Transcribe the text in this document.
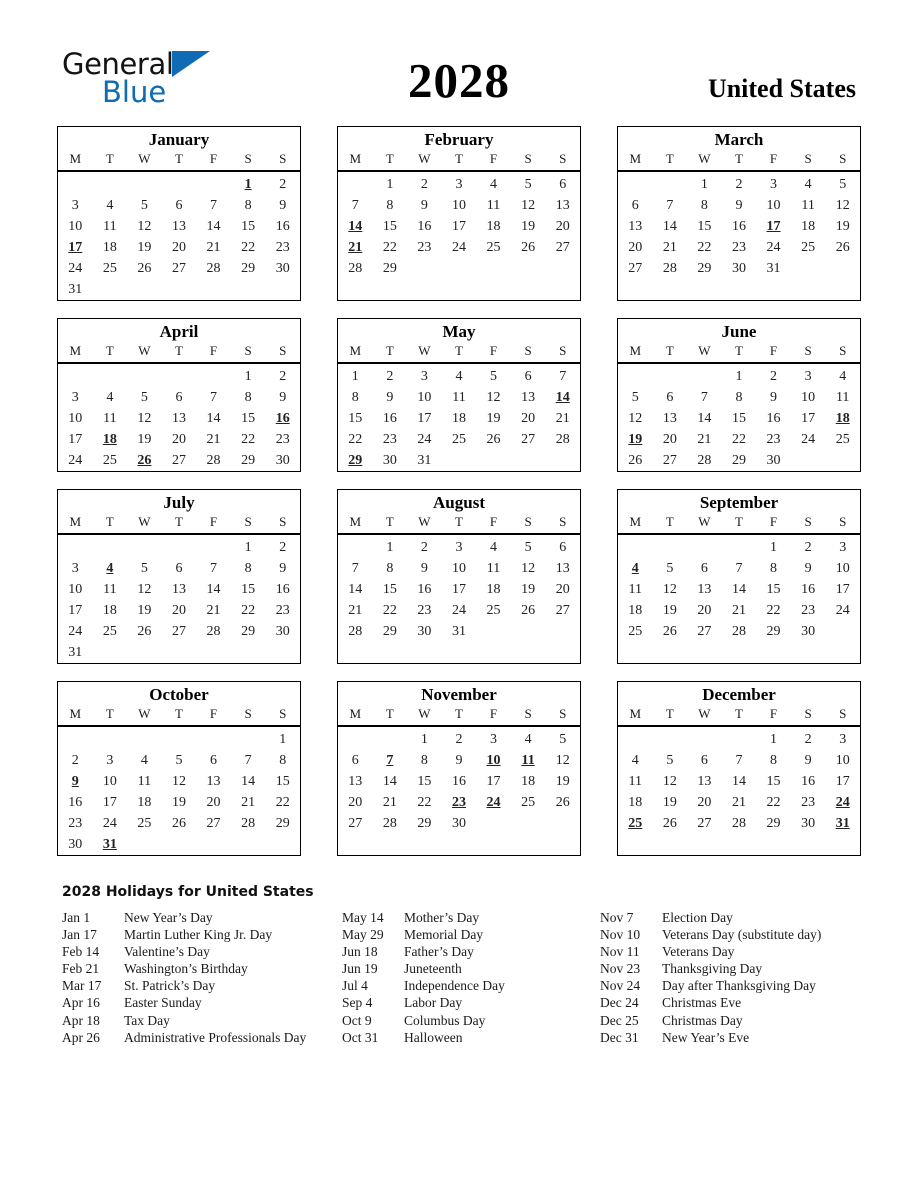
General
Blue	2028	United States
January
M	T	W	T	F	S	S
					1	2
3	4	5	6	7	8	9
10	11	12	13	14	15	16
17	18	19	20	21	22	23
24	25	26	27	28	29	30
31						
February
M	T	W	T	F	S	S
	1	2	3	4	5	6
7	8	9	10	11	12	13
14	15	16	17	18	19	20
21	22	23	24	25	26	27
28	29					

March
M	T	W	T	F	S	S
		1	2	3	4	5
6	7	8	9	10	11	12
13	14	15	16	17	18	19
20	21	22	23	24	25	26
27	28	29	30	31		

April
M	T	W	T	F	S	S
					1	2
3	4	5	6	7	8	9
10	11	12	13	14	15	16
17	18	19	20	21	22	23
24	25	26	27	28	29	30
May
M	T	W	T	F	S	S
1	2	3	4	5	6	7
8	9	10	11	12	13	14
15	16	17	18	19	20	21
22	23	24	25	26	27	28
29	30	31				
June
M	T	W	T	F	S	S
			1	2	3	4
5	6	7	8	9	10	11
12	13	14	15	16	17	18
19	20	21	22	23	24	25
26	27	28	29	30		
July
M	T	W	T	F	S	S
					1	2
3	4	5	6	7	8	9
10	11	12	13	14	15	16
17	18	19	20	21	22	23
24	25	26	27	28	29	30
31						
August
M	T	W	T	F	S	S
	1	2	3	4	5	6
7	8	9	10	11	12	13
14	15	16	17	18	19	20
21	22	23	24	25	26	27
28	29	30	31			

September
M	T	W	T	F	S	S
				1	2	3
4	5	6	7	8	9	10
11	12	13	14	15	16	17
18	19	20	21	22	23	24
25	26	27	28	29	30	

October
M	T	W	T	F	S	S
						1
2	3	4	5	6	7	8
9	10	11	12	13	14	15
16	17	18	19	20	21	22
23	24	25	26	27	28	29
30	31					
November
M	T	W	T	F	S	S
		1	2	3	4	5
6	7	8	9	10	11	12
13	14	15	16	17	18	19
20	21	22	23	24	25	26
27	28	29	30			

December
M	T	W	T	F	S	S
				1	2	3
4	5	6	7	8	9	10
11	12	13	14	15	16	17
18	19	20	21	22	23	24
25	26	27	28	29	30	31

2028 Holidays for United States
Jan 1	New Year’s Day
Jan 17	Martin Luther King Jr. Day
Feb 14	Valentine’s Day
Feb 21	Washington’s Birthday
Mar 17	St. Patrick’s Day
Apr 16	Easter Sunday
Apr 18	Tax Day
Apr 26	Administrative Professionals Day
May 14	Mother’s Day
May 29	Memorial Day
Jun 18	Father’s Day
Jun 19	Juneteenth
Jul 4	Independence Day
Sep 4	Labor Day
Oct 9	Columbus Day
Oct 31	Halloween
Nov 7	Election Day
Nov 10	Veterans Day (substitute day)
Nov 11	Veterans Day
Nov 23	Thanksgiving Day
Nov 24	Day after Thanksgiving Day
Dec 24	Christmas Eve
Dec 25	Christmas Day
Dec 31	New Year’s Eve
